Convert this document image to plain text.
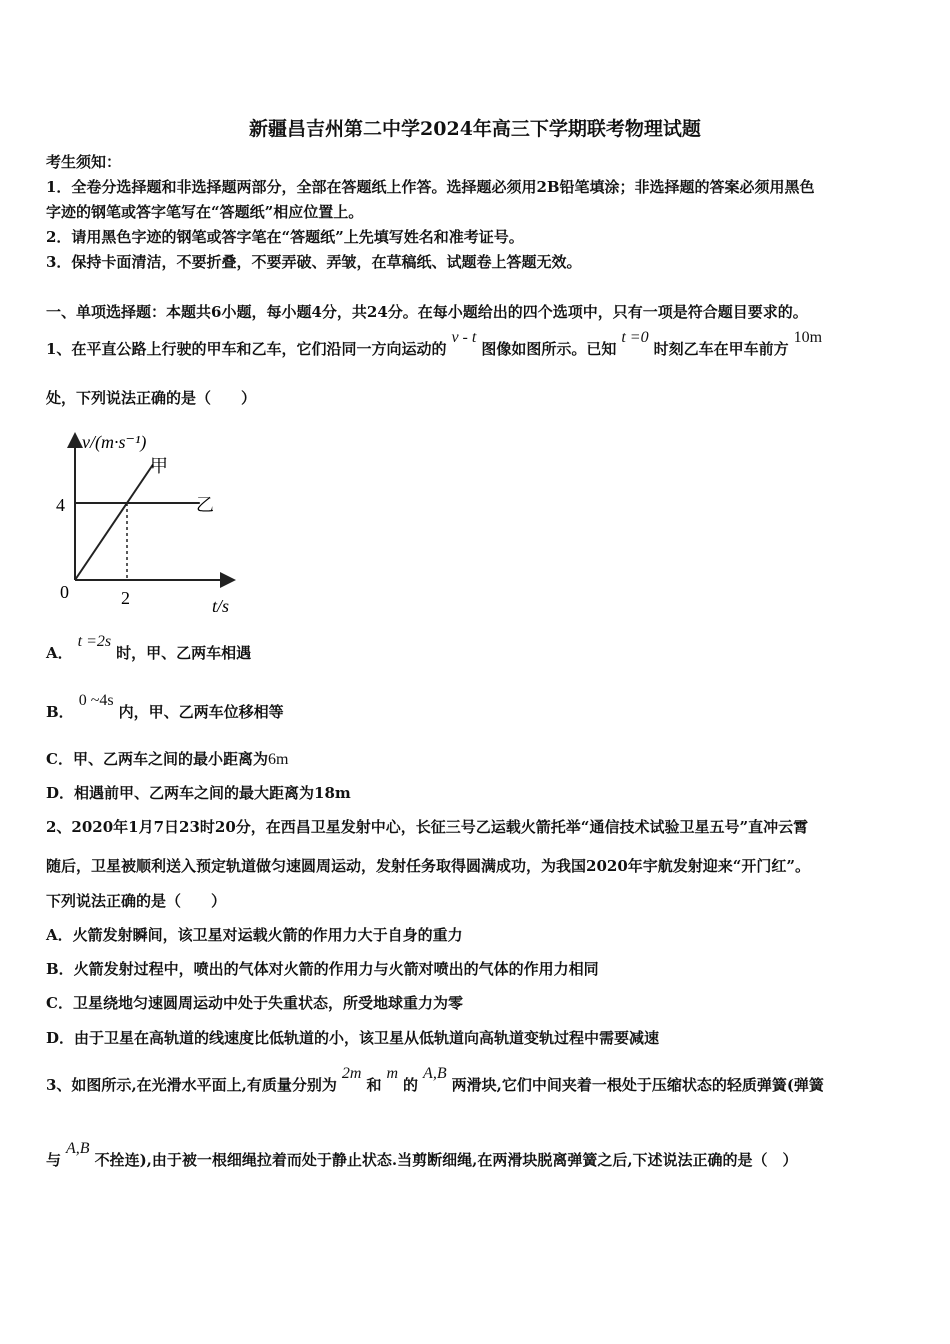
新疆昌吉州第二中学2024年高三下学期联考物理试题
考生须知：
1．全卷分选择题和非选择题两部分，全部在答题纸上作答。选择题必须用2B铅笔填涂；非选择题的答案必须用黑色
字迹的钢笔或答字笔写在“答题纸”相应位置上。
2．请用黑色字迹的钢笔或答字笔在“答题纸”上先填写姓名和准考证号。
3．保持卡面清洁，不要折叠，不要弄破、弄皱，在草稿纸、试题卷上答题无效。
一、单项选择题：本题共6小题，每小题4分，共24分。在每小题给出的四个选项中，只有一项是符合题目要求的。
1、在平直公路上行驶的甲车和乙车，它们沿同一方向运动的v - t图像如图所示。已知t =0时刻乙车在甲车前方10m
处，下列说法正确的是（　　）
v/(m·s⁻¹)
t/s
甲
乙
4
2
0
A．t =2s时，甲、乙两车相遇
B．0 ~4s内，甲、乙两车位移相等
C．甲、乙两车之间的最小距离为6m
D．相遇前甲、乙两车之间的最大距离为18m
2、2020年1月7日23时20分，在西昌卫星发射中心，长征三号乙运载火箭托举“通信技术试验卫星五号”直冲云霄
随后，卫星被顺利送入预定轨道做匀速圆周运动，发射任务取得圆满成功，为我国2020年宇航发射迎来“开门红”。
下列说法正确的是（　　）
A．火箭发射瞬间，该卫星对运载火箭的作用力大于自身的重力
B．火箭发射过程中，喷出的气体对火箭的作用力与火箭对喷出的气体的作用力相同
C．卫星绕地匀速圆周运动中处于失重状态，所受地球重力为零
D．由于卫星在高轨道的线速度比低轨道的小，该卫星从低轨道向高轨道变轨过程中需要减速
3、如图所示,在光滑水平面上,有质量分别为2m和m的A,B两滑块,它们中间夹着一根处于压缩状态的轻质弹簧(弹簧
与A,B不拴连),由于被一根细绳拉着而处于静止状态.当剪断细绳,在两滑块脱离弹簧之后,下述说法正确的是（　）
